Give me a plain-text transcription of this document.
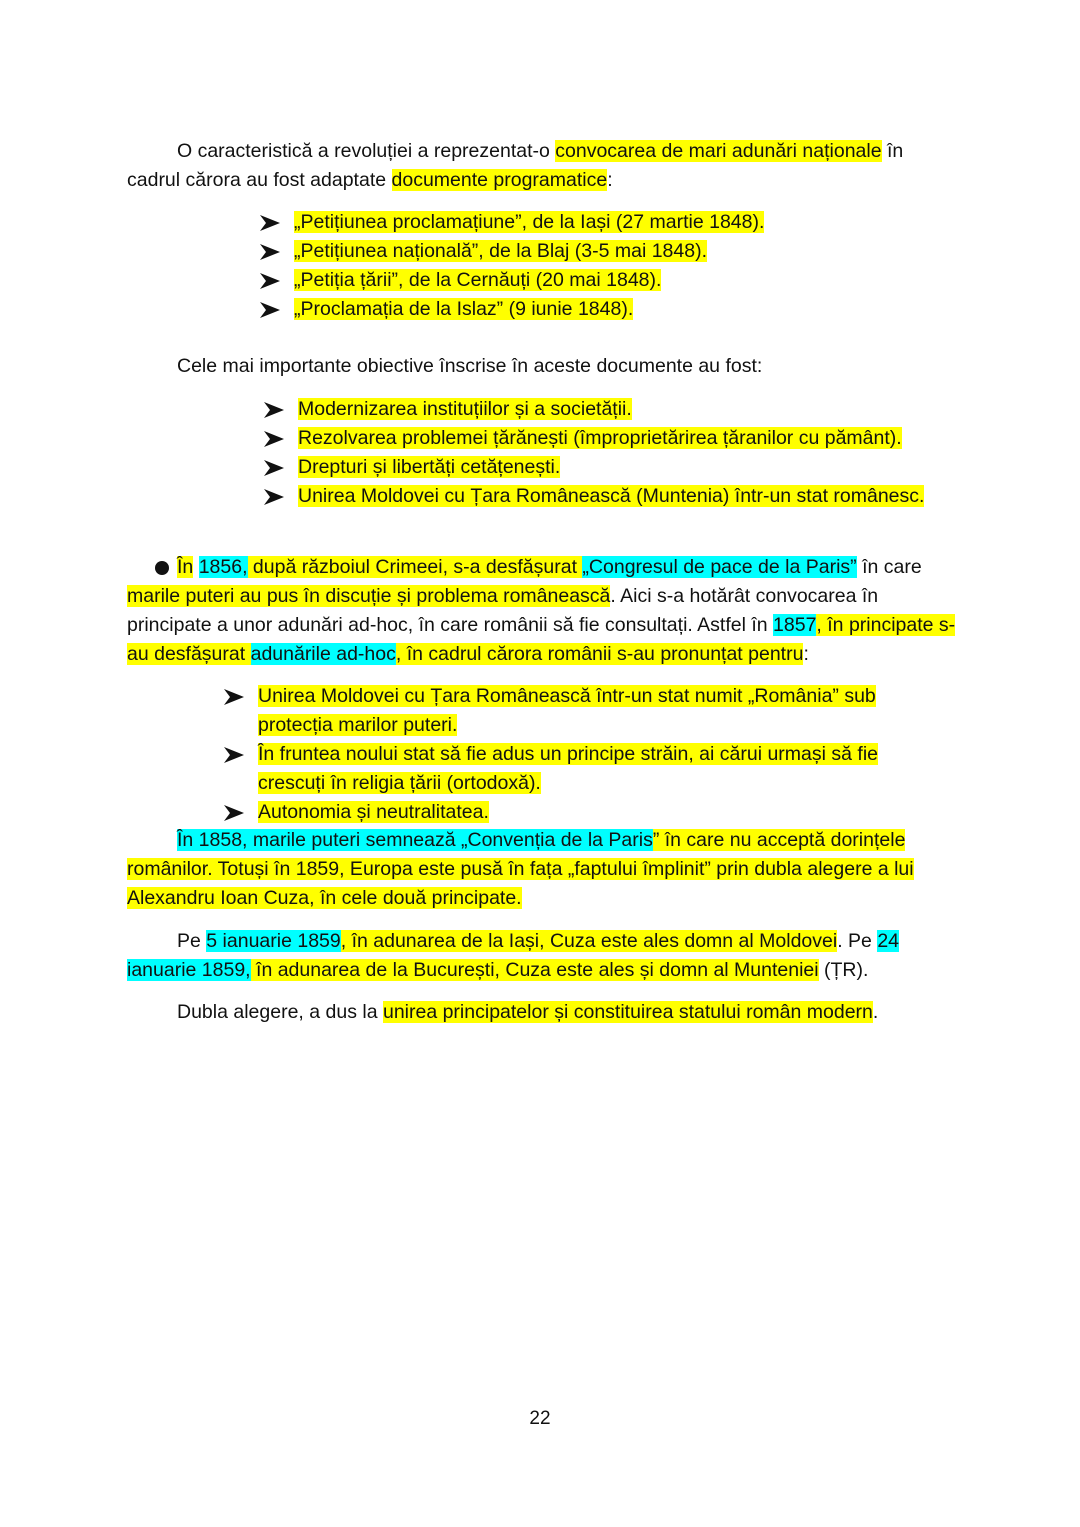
O caracteristică a revoluției a reprezentat-o convocarea de mari adunări naționale în cadrul cărora au fost adaptate documente programatice:

„Petițiunea proclamațiune”, de la Iași (27 martie 1848).
„Petițiunea națională”, de la Blaj (3-5 mai 1848).
„Petiția țării”, de la Cernăuți (20 mai 1848).
„Proclamația de la Islaz” (9 iunie 1848).

Cele mai importante obiective înscrise în aceste documente au fost:

Modernizarea instituțiilor și a societății.
Rezolvarea problemei țărănești (împroprietărirea țăranilor cu pământ).
Drepturi și libertăți cetățenești.
Unirea Moldovei cu Țara Românească (Muntenia) într-un stat românesc.

În 1856, după războiul Crimeei, s-a desfășurat „Congresul de pace de la Paris” în care marile puteri au pus în discuție și problema românească. Aici s-a hotărât convocarea în principate a unor adunări ad-hoc, în care românii să fie consultați. Astfel în 1857, în principate s-au desfășurat adunările ad-hoc, în cadrul cărora românii s-au pronunțat pentru:

Unirea Moldovei cu Țara Românească într-un stat numit „România” sub protecția marilor puteri.
În fruntea noului stat să fie adus un principe străin, ai cărui urmași să fie crescuți în religia țării (ortodoxă).
Autonomia și neutralitatea.

În 1858, marile puteri semnează „Convenția de la Paris” în care nu acceptă dorințele românilor. Totuși în 1859, Europa este pusă în fața „faptului împlinit” prin dubla alegere a lui Alexandru Ioan Cuza, în cele două principate.

Pe 5 ianuarie 1859, în adunarea de la Iași, Cuza este ales domn al Moldovei. Pe 24 ianuarie 1859, în adunarea de la București, Cuza este ales și domn al Munteniei (ȚR).

Dubla alegere, a dus la unirea principatelor și constituirea statului român modern.

22
